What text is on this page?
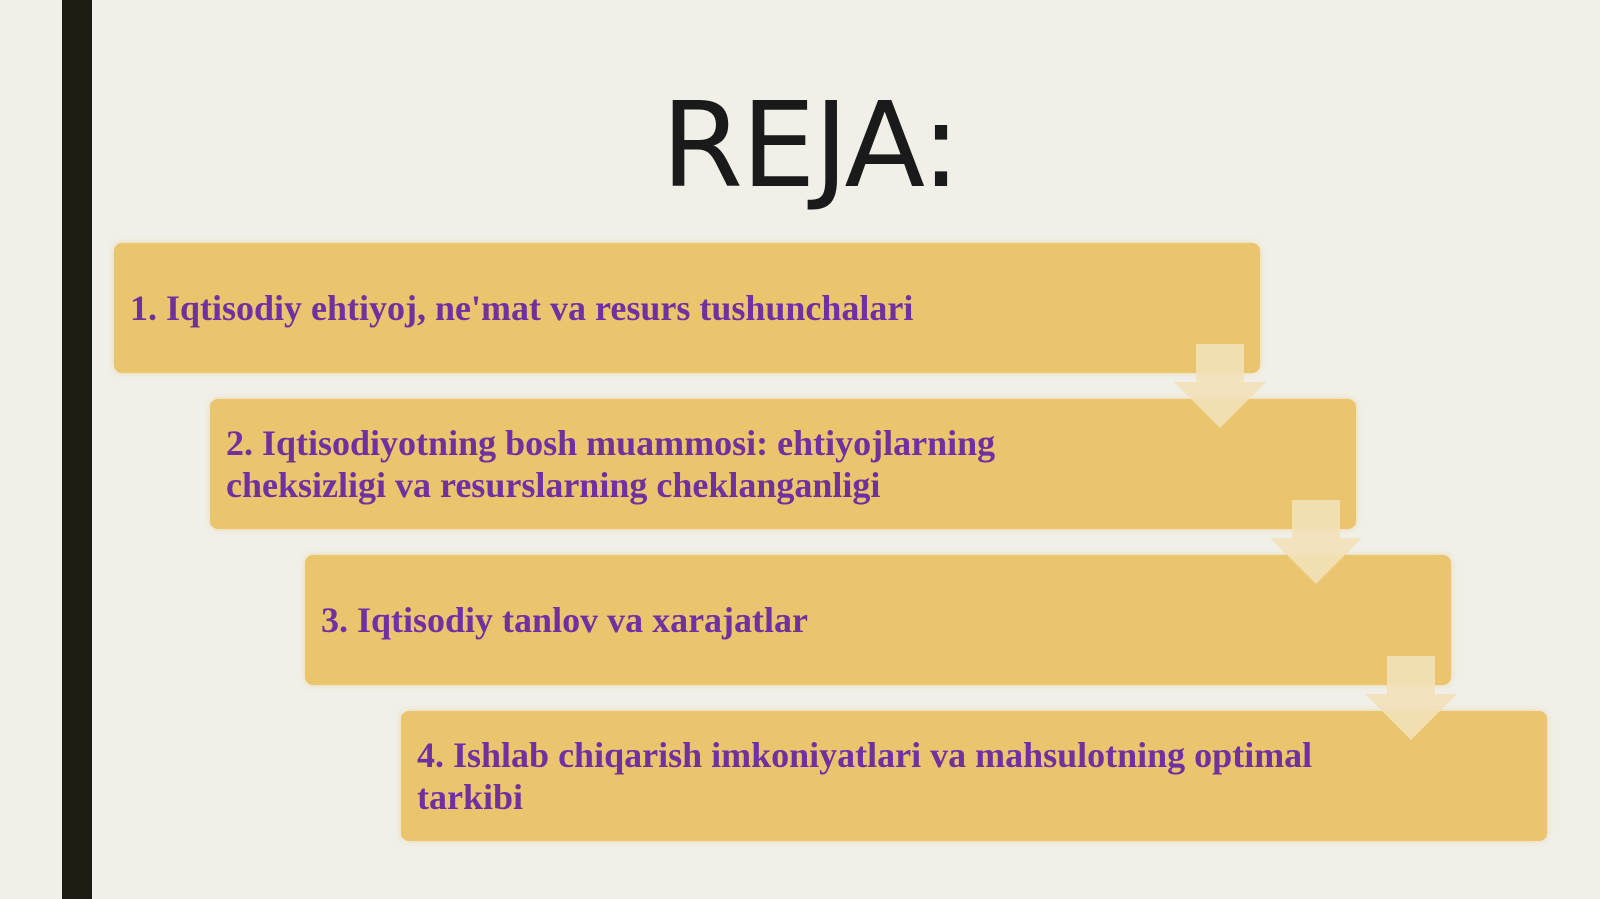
REJA:
1. Iqtisodiy ehtiyoj, ne'mat va resurs tushunchalari
2. Iqtisodiyotning bosh muammosi: ehtiyojlarning cheksizligi va resurslarning cheklanganligi
3. Iqtisodiy tanlov va xarajatlar
4. Ishlab chiqarish imkoniyatlari va mahsulotning optimal tarkibi
